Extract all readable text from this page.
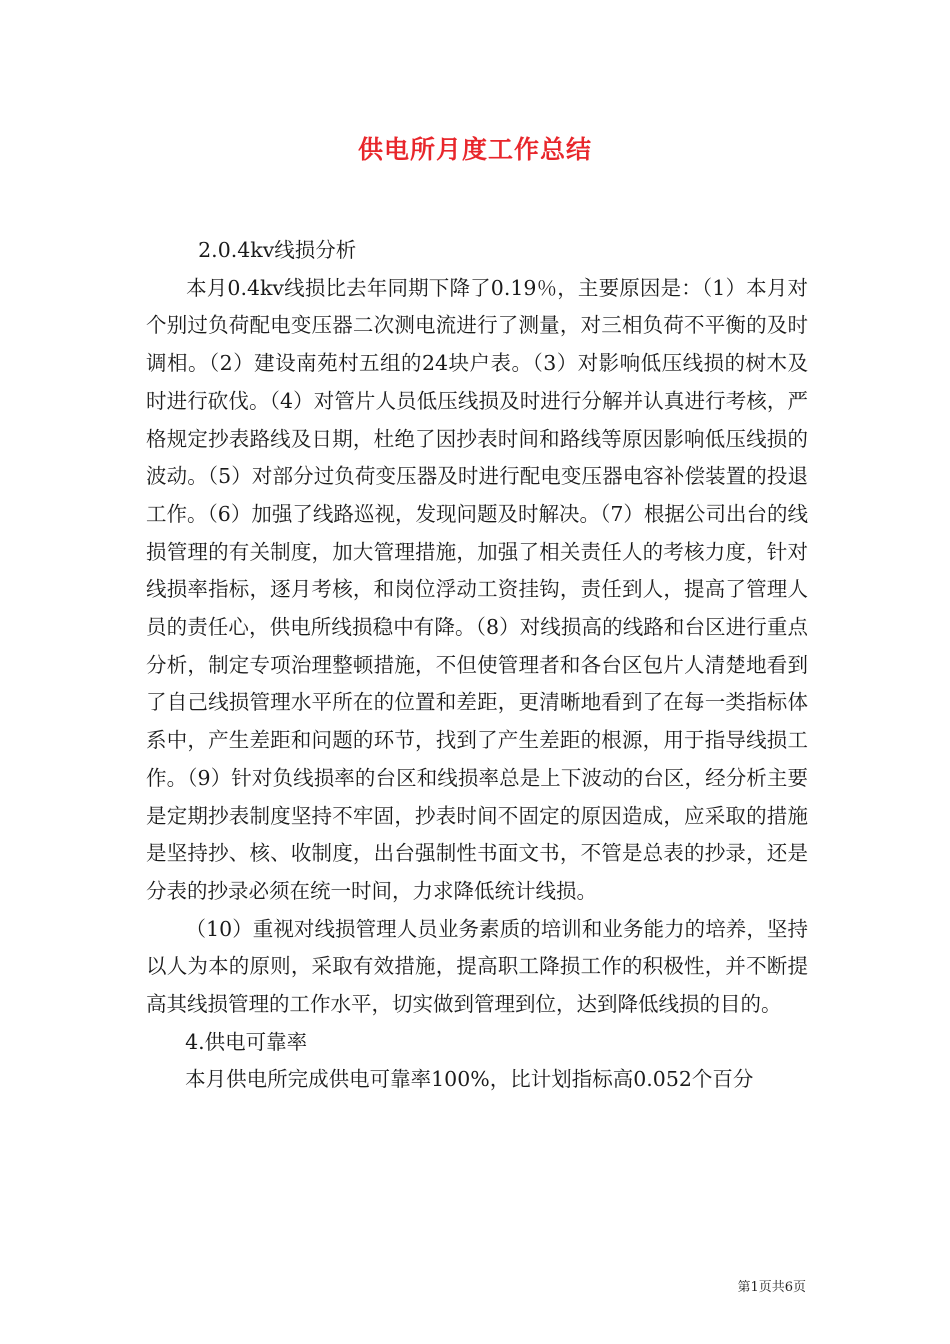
供电所月度工作总结

2.0.4kv线损分析

本月0.4kv线损比去年同期下降了0.19％，主要原因是：（1）本月对个别过负荷配电变压器二次测电流进行了测量，对三相负荷不平衡的及时调相。（2）建设南苑村五组的24块户表。（3）对影响低压线损的树木及时进行砍伐。（4）对管片人员低压线损及时进行分解并认真进行考核，严格规定抄表路线及日期，杜绝了因抄表时间和路线等原因影响低压线损的波动。（5）对部分过负荷变压器及时进行配电变压器电容补偿装置的投退工作。（6）加强了线路巡视，发现问题及时解决。（7）根据公司出台的线损管理的有关制度，加大管理措施，加强了相关责任人的考核力度，针对线损率指标，逐月考核，和岗位浮动工资挂钩，责任到人，提高了管理人员的责任心，供电所线损稳中有降。（8）对线损高的线路和台区进行重点分析，制定专项治理整顿措施，不但使管理者和各台区包片人清楚地看到了自己线损管理水平所在的位置和差距，更清晰地看到了在每一类指标体系中，产生差距和问题的环节，找到了产生差距的根源，用于指导线损工作。（9）针对负线损率的台区和线损率总是上下波动的台区，经分析主要是定期抄表制度坚持不牢固，抄表时间不固定的原因造成，应采取的措施是坚持抄、核、收制度，出台强制性书面文书，不管是总表的抄录，还是分表的抄录必须在统一时间，力求降低统计线损。

（10）重视对线损管理人员业务素质的培训和业务能力的培养，坚持以人为本的原则，采取有效措施，提高职工降损工作的积极性，并不断提高其线损管理的工作水平，切实做到管理到位，达到降低线损的目的。

4.供电可靠率

本月供电所完成供电可靠率100%，比计划指标高0.052个百分

第1页共6页
